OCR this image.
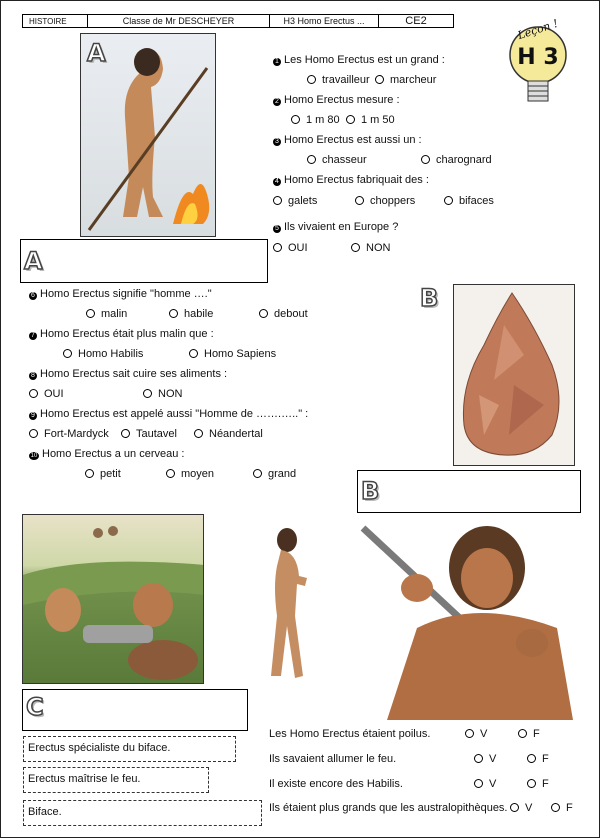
HISTOIRE	Classe de Mr DESCHEYER	H3 Homo Erectus ...	CE2	Leçon !
H 3
A	1 Les Homo Erectus est un grand :
travailleur	marcheur
2 Homo Erectus mesure :
1 m 80	1 m 50
3 Homo Erectus est aussi un :
chasseur	charognard
4 Homo Erectus fabriquait des :
galets	choppers	bifaces
5 Ils vivaient en Europe ?
OUI	NON
A
6 Homo Erectus signifie "homme …."
malin	habile	debout
7 Homo Erectus était plus malin que :
Homo Habilis	Homo Sapiens
8 Homo Erectus sait cuire ses aliments :
OUI	NON
9 Homo Erectus est appelé aussi "Homme de …….….." :
Fort-Mardyck	Tautavel	Néandertal
10 Homo Erectus a un cerveau :
petit	moyen	grand
B
B
C
Erectus spécialiste du biface.
Erectus maîtrise le feu.
Biface.
Les Homo Erectus étaient poilus.	V	F
Ils savaient allumer le feu.	V	F
Il existe encore des Habilis.	V	F
Ils étaient plus grands que les australopithèques.	V	F
